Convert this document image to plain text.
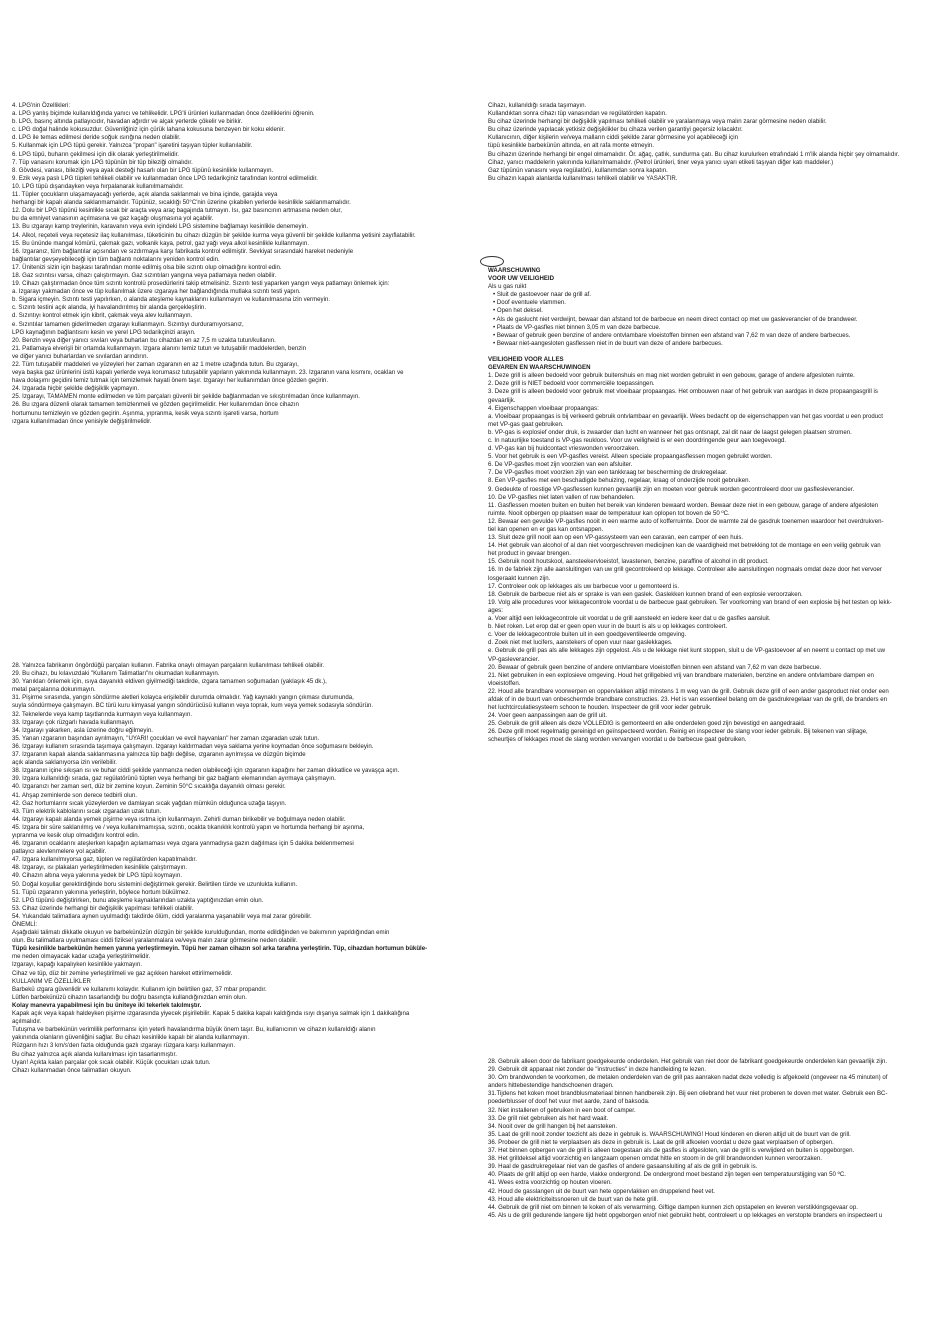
4. LPG'nin Özellikleri:

a. LPG yanlış biçimde kullanıldığında yanıcı ve tehlikelidir. LPG'li ürünleri kullanmadan önce özelliklerini öğrenin.

b. LPG, basınç altında patlayıcıdır, havadan ağırdır ve alçak yerlerde çökelir ve birikir.

c. LPG doğal halinde kokusuzdur. Güvenliğiniz için çürük lahana kokusuna benzeyen bir koku eklenir.

d. LPG ile temas edilmesi deride soğuk ısırığına neden olabilir.

5. Kullanmak için LPG tüpü gerekir. Yalnızca "propan" işaretini taşıyan tüpler kullanılabilir.

6. LPG tüpü, buharın çekilmesi için dik olarak yerleştirilmelidir.

7. Tüp vanasını korumak için LPG tüpünün bir tüp bileziği olmalıdır.

8. Gövdesi, vanası, bileziği veya ayak desteği hasarlı olan bir LPG tüpünü kesinlikle kullanmayın.

9. Ezik veya paslı LPG tüpleri tehlikeli olabilir ve kullanmadan önce LPG tedarikçiniz tarafından kontrol edilmelidir.

10. LPG tüpü dışarıdayken veya hırpalanarak kullanılmamalıdır.

11. Tüpler çocukların ulaşamayacağı yerlerde, açık alanda saklanmalı ve bina içinde, garajda veya

herhangi bir kapalı alanda saklanmamalıdır. Tüpünüz, sıcaklığı 50°C'nin üzerine çıkabilen yerlerde kesinlikle saklanmamalıdır.

12. Dolu bir LPG tüpünü kesinlikle sıcak bir araçta veya araç bagajında tutmayın. Isı, gaz basıncının artmasına neden olur,

bu da emniyet vanasının açılmasına ve gaz kaçağı oluşmasına yol açabilir.

13. Bu ızgarayı kamp treylerinin, karavanın veya evin içindeki LPG sistemine bağlamayı kesinlikle denemeyin.

14. Alkol, reçeteli veya reçetesiz ilaç kullanılması, tüketicinin bu cihazı düzgün bir şekilde kurma veya güvenli bir şekilde kullanma yetisini zayıflatabilir.

15. Bu ününde mangal kömürü, çakmak gazı, volkanik kaya, petrol, gaz yağı veya alkol kesinlikle kullanmayın.

16. Izgaranız, tüm bağlantılar açısından ve sızdırmaya karşı fabrikada kontrol edilmiştir. Sevkiyat sırasındaki hareket nedeniyle

bağlantılar gevşeyebileceği için tüm bağlantı noktalarını yeniden kontrol edin.

17. Ünitenizi sizin için başkası tarafından monte edilmiş olsa bile sızıntı olup olmadığını kontrol edin.

18. Gaz sızıntısı varsa, cihazı çalıştırmayın. Gaz sızıntıları yangına veya patlamaya neden olabilir.

19. Cihazı çalıştırmadan önce tüm sızıntı kontrolü prosedürlerini takip etmelisiniz. Sızıntı testi yaparken yangın veya patlamayı önlemek için:

a. Izgarayı yakmadan önce ve tüp kullanılmak üzere ızgaraya her bağlandığında mutlaka sızıntı testi yapın.

b. Sigara içmeyin. Sızıntı testi yapılırken, o alanda ateşleme kaynaklarını kullanmayın ve kullanılmasına izin vermeyin.

c. Sızıntı testini açık alanda, iyi havalandırılmış bir alanda gerçekleştirin.

d. Sızıntıyı kontrol etmek için kibrit, çakmak veya alev kullanmayın.

e. Sızıntılar tamamen giderilmeden ızgarayı kullanmayın. Sızıntıyı durduramıyorsanız,

LPG kaynağının bağlantısını kesin ve yerel LPG tedarikçinizi arayın.

20. Benzin veya diğer yanıcı sıvıları veya buharları bu cihazdan en az 7,5 m uzakta tutun/kullanın.

21. Patlamaya elverişli bir ortamda kullanmayın. Izgara alanını temiz tutun ve tutuşabilir maddelerden, benzin

ve diğer yanıcı buharlardan ve sıvılardan arındırın.

22. Tüm tutuşabilir maddeleri ve yüzeyleri her zaman ızgaranın en az 1 metre uzağında tutun. Bu ızgarayı,

veya başka gaz ürünlerini üstü kapalı yerlerde veya korumasız tutuşabilir yapıların yakınında kullanmayın. 23. Izgaranın vana kısmını, ocakları ve

hava dolaşımı geçidini temiz tutmak için temizlemek hayati önem taşır. Izgarayı her kullanımdan önce gözden geçirin.

24. Izgarada hiçbir şekilde değişiklik yapmayın.

25. Izgarayı, TAMAMEN monte edilmeden ve tüm parçaları güvenli bir şekilde bağlanmadan ve sıkıştırılmadan önce kullanmayın.

26. Bu ızgara düzenli olarak tamamen temizlenmeli ve gözden geçirilmelidir. Her kullanımdan önce cihazın

hortumunu temizleyin ve gözden geçirin. Aşınma, yıpranma, kesik veya sızıntı işareti varsa, hortum

ızgara kullanılmadan önce yenisiyle değiştirilmelidir.

28. Yalnızca fabrikanın öngördüğü parçaları kullanın. Fabrika onaylı olmayan parçaların kullanılması tehlikeli olabilir.

29. Bu cihazı, bu kılavuzdaki "Kullanım Talimatları"nı okumadan kullanmayın.

30. Yanıkları önlemek için, ısıya dayanıklı eldiven giyilmediği takdirde, ızgara tamamen soğumadan (yaklaşık 45 dk.),

metal parçalarına dokunmayın.

31. Pişirme sırasında, yangın söndürme aletleri kolayca erişilebilir durumda olmalıdır. Yağ kaynaklı yangın çıkması durumunda,

suyla söndürmeye çalışmayın. BC türü kuru kimyasal yangın söndürücüsü kullanın veya toprak, kum veya yemek sodasıyla söndürün.

32. Teknelerde veya kamp taşıtlarında kurmayın veya kullanmayın.

33. Izgarayı çok rüzgarlı havada kullanmayın.

34. Izgarayı yakarken, asla üzerine doğru eğilmeyin.

35. Yanan ızgaranın başından ayrılmayın, "UYARI! çocukları ve evcil hayvanları" her zaman ızgaradan uzak tutun.

36. Izgarayı kullanım sırasında taşımaya çalışmayın. Izgarayı kaldırmadan veya saklama yerine koymadan önce soğumasını bekleyin.

37. Izgaranın kapalı alanda saklanmasına yalnızca tüp bağlı değilse, ızgaranın ayrılmışsa ve düzgün biçimde

açık alanda saklanıyorsa izin verilebilir.

38. Izgaranın içine sıkışan ısı ve buhar ciddi şekilde yanmanıza neden olabileceği için ızgaranın kapağını her zaman dikkatlice ve yavaşça açın.

39. Izgara kullanıldığı sırada, gaz regülatörünü tüpten veya herhangi bir gaz bağlantı elemanından ayırmaya çalışmayın.

40. Izgaranızı her zaman sert, düz bir zemine koyun. Zeminin 50°C sıcaklığa dayanıklı olması gerekir.

41. Ahşap zeminlerde son derece tedbirli olun.

42. Gaz hortumlarını sıcak yüzeylerden ve damlayan sıcak yağdan mümkün olduğunca uzağa taşıyın.

43. Tüm elektrik kablolarını sıcak ızgaradan uzak tutun.

44. Izgarayı kapalı alanda yemek pişirme veya ısıtma için kullanmayın. Zehirli duman birikebilir ve boğulmaya neden olabilir.

45. Izgara bir süre saklanılmış ve / veya kullanılmamışsa, sızıntı, ocakta tıkanıklık kontrolü yapın ve hortumda herhangi bir aşınma,

yıpranma ve kesik olup olmadığını kontrol edin.

46. Izgaranın ocaklarını ateşlerken kapağın açılamaması veya ızgara yanmadıysa gazın dağılması için 5 dakika beklenmemesi

patlayıcı alevlenmelere yol açabilir.

47. Izgara kullanılmıyorsa gaz, tüpten ve regülatörden kapatılmalıdır.

48. Izgarayı, ısı plakaları yerleştirilmeden kesinlikle çalıştırmayın.

49. Cihazın altına veya yakınına yedek bir LPG tüpü koymayın.

50. Doğal koşullar gerektirdiğinde boru sistemini değiştirmek gerekir. Belirtilen türde ve uzunlukta kullanın.

51. Tüpü ızgaranın yakınına yerleştirin, böylece hortum bükülmez.

52. LPG tüpünü değiştirirken, bunu ateşleme kaynaklarından uzakta yaptığınızdan emin olun.

53. Cihaz üzerinde herhangi bir değişiklik yapılması tehlikeli olabilir.

54. Yukarıdaki talimatlara aynen uyulmadığı takdirde ölüm, ciddi yaralanma yaşanabilir veya mal zarar görebilir.

ÖNEMLİ:

Aşağıdaki talimatı dikkatle okuyun ve barbekünüzün düzgün bir şekilde kurulduğundan, monte edildiğinden ve bakımının yapıldığından emin

olun. Bu talimatlara uyulmaması ciddi fiziksel yaralanmalara ve/veya malın zarar görmesine neden olabilir.

Tüpü kesinlikle barbekünün hemen yanına yerleştirmeyin. Tüpü her zaman cihazın sol arka tarafına yerleştirin. Tüp, cihazdan hortumun büküle-

me neden olmayacak kadar uzağa yerleştirilmelidir.

Izgarayı, kapağı kapalıyken kesinlikle yakmayın.

Cihaz ve tüp, düz bir zemine yerleştirilmeli ve gaz açıkken hareket ettirilmemelidir.

KULLANIM VE ÖZELLİKLER

Barbekü ızgara güvenlidir ve kullanımı kolaydır. Kullanım için belirtilen gaz, 37 mbar propandır.

Lütfen barbekünüzü cihazın tasarlandığı bu doğru basınçta kullandığınızdan emin olun.

Kolay manevra yapabilmesi için bu üniteye iki tekerlek takılmıştır.

Kapak açık veya kapalı haldeyken pişirme ızgarasında yiyecek pişirilebilir. Kapak 5 dakika kapalı kaldığında ısıyı dışarıya salmak için 1 dakikalığına

açılmalıdır.

Tutuşma ve barbekünün verimlilik performansı için yeterli havalandırma büyük önem taşır. Bu, kullanıcının ve cihazın kullanıldığı alanın

yakınında olanların güvenliğini sağlar. Bu cihazı kesinlikle kapalı bir alanda kullanmayın.

Rüzgarın hızı 3 km/s'den fazla olduğunda gazlı ızgarayı rüzgara karşı kullanmayın.

Bu cihaz yalnızca açık alanda kullanılması için tasarlanmıştır.

Uyarı! Açıkta kalan parçalar çok sıcak olabilir. Küçük çocukları uzak tutun.

Cihazı kullanmadan önce talimatları okuyun.

Cihazı, kullanıldığı sırada taşımayın.

Kullandıktan sonra cihazı tüp vanasından ve regülatörden kapatın.

Bu cihaz üzerinde herhangi bir değişiklik yapılması tehlikeli olabilir ve yaralanmaya veya malın zarar görmesine neden olabilir.

Bu cihaz üzerinde yapılacak yetkisiz değişiklikler bu cihaza verilen garantiyi geçersiz kılacaktır.

Kullanıcının, diğer kişilerin ve/veya malların ciddi şekilde zarar görmesine yol açabileceği için

tüpü kesinlikle barbekünün altında, en alt rafa monte etmeyin.

Bu cihazın üzerinde herhangi bir engel olmamalıdır. Ör. ağaç, çatlık, sundurma çatı. Bu cihaz kurulurken etrafındaki 1 m'lik alanda hiçbir şey olmamalıdır.

Cihaz, yanıcı maddelerin yakınında kullanılmamalıdır. (Petrol ürünleri, tiner veya yanıcı uyarı etiketi taşıyan diğer katı maddeler.)

Gaz tüpünün vanasını veya regülatörü, kullanımdan sonra kapatın.

Bu cihazın kapalı alanlarda kullanılması tehlikeli olabilir ve YASAKTIR.

WAARSCHUWING

VOOR UW VEILIGHEID

Als u gas ruikt

• Sluit de gastoevoer naar de grill af.

• Doof eventuele vlammen.

• Open het deksel.

• Als de gaslucht niet verdwijnt, bewaar dan afstand tot de barbecue en neem direct contact op met uw gasleverancier of de brandweer.

• Plaats de VP-gasfles niet binnen 3,05 m van deze barbecue.

• Bewaar of gebruik geen benzine of andere ontvlambare vloeistoffen binnen een afstand van 7,62 m van deze of andere barbecues.

• Bewaar niet-aangesloten gasflessen niet in de buurt van deze of andere barbecues.

VEILIGHEID VOOR ALLES

GEVAREN EN WAARSCHUWINGEN

1. Deze grill is alleen bedoeld voor gebruik buitenshuis en mag niet worden gebruikt in een gebouw, garage of andere afgesloten ruimte.

2. Deze grill is NIET bedoeld voor commerciële toepassingen.

3. Deze grill is alleen bedoeld voor gebruik met vloeibaar propaangas. Het ombouwen naar of het gebruik van aardgas in deze propaangasgrill is

gevaarlijk.

4. Eigenschappen vloeibaar propaangas:

a. Vloeibaar propaangas is bij verkeerd gebruik ontvlambaar en gevaarlijk. Wees bedacht op de eigenschappen van het gas voordat u een product

met VP-gas gaat gebruiken.

b. VP-gas is explosief onder druk, is zwaarder dan lucht en wanneer het gas ontsnapt, zal dit naar de laagst gelegen plaatsen stromen.

c. In natuurlijke toestand is VP-gas reukloos. Voor uw veiligheid is er een doordringende geur aan toegevoegd.

d. VP-gas kan bij huidcontact vrieswonden veroorzaken.

5. Voor het gebruik is een VP-gasfles vereist. Alleen speciale propaangasflessen mogen gebruikt worden.

6. De VP-gasfles moet zijn voorzien van een afsluiter.

7. De VP-gasfles moet voorzien zijn van een tankkraag ter bescherming de drukregelaar.

8. Een VP-gasfles met een beschadigde behuizing, regelaar, kraag of onderzijde nooit gebruiken.

9. Gedeukte of roestige VP-gasflessen kunnen gevaarlijk zijn en moeten voor gebruik worden gecontroleerd door uw gasflesleverancier.

10. De VP-gasfles niet laten vallen of ruw behandelen.

11. Gasflessen moeten buiten en buiten het bereik van kinderen bewaard worden. Bewaar deze niet in een gebouw, garage of andere afgesloten

ruimte. Nooit opbergen op plaatsen waar de temperatuur kan oplopen tot boven de 50 ºC.

12. Bewaar een gevulde VP-gasfles nooit in een warme auto of kofferruimte. Door de warmte zal de gasdruk toenemen waardoor het overdrukven-

tiel kan openen en er gas kan ontsnappen.

13. Sluit deze grill nooit aan op een VP-gassysteem van een caravan, een camper of een huis.

14. Het gebruik van alcohol of al dan niet voorgeschreven medicijnen kan de vaardigheid met betrekking tot de montage en een veilig gebruik van

het product in gevaar brengen.

15. Gebruik nooit houtskool, aansteekervloeistof, lavastenen, benzine, paraffine of alcohol in dit product.

16. In de fabriek zijn alle aansluitingen van uw grill gecontroleerd op lekkage. Controleer alle aansluitingen nogmaals omdat deze door het vervoer

losgeraakt kunnen zijn.

17. Controleer ook op lekkages als uw barbecue voor u gemonteerd is.

18. Gebruik de barbecue niet als er sprake is van een gaslek. Gaslekken kunnen brand of een explosie veroorzaken.

19. Volg alle procedures voor lekkagecontrole voordat u de barbecue gaat gebruiken. Ter voorkoming van brand of een explosie bij het testen op lekk-

ages:

a. Voer altijd een lekkagecontrole uit voordat u de grill aansteekt en iedere keer dat u de gasfles aansluit.

b. Niet roken. Let erop dat er geen open vuur in de buurt is als u op lekkages controleert.

c. Voer de lekkagecontrole buiten uit in een goedgeventileerde omgeving.

d. Zoek niet met lucifers, aanstekers of open vuur naar gaslekkages.

e. Gebruik de grill pas als alle lekkages zijn opgelost. Als u de lekkage niet kunt stoppen, sluit u de VP-gastoevoer af en neemt u contact op met uw

VP-gasleverancier.

20. Bewaar of gebruik geen benzine of andere ontvlambare vloeistoffen binnen een afstand van 7,62 m van deze barbecue.

21. Niet gebruiken in een explosieve omgeving. Houd het grillgebied vrij van brandbare materialen, benzine en andere ontvlambare dampen en

vloeistoffen.

22. Houd alle brandbare voorwerpen en oppervlakken altijd minstens 1 m weg van de grill. Gebruik deze grill of een ander gasproduct niet onder een

afdak of in de buurt van onbeschermde brandbare constructies. 23. Het is van essentieel belang om de gasdrukregelaar van de grill, de branders en

het luchtcirculatiesysteem schoon te houden. Inspecteer de grill voor ieder gebruik.

24. Voer geen aanpassingen aan de grill uit.

25. Gebruik de grill alleen als deze VOLLEDIG is gemonteerd en alle onderdelen goed zijn bevestigd en aangedraaid.

26. Deze grill moet regelmatig gereinigd en geïnspecteerd worden. Reinig en inspecteer de slang voor ieder gebruik. Bij tekenen van slijtage,

scheurtjes of lekkages moet de slang worden vervangen voordat u de barbecue gaat gebruiken.

28. Gebruik alleen door de fabrikant goedgekeurde onderdelen. Het gebruik van niet door de fabrikant goedgekeurde onderdelen kan gevaarlijk zijn.

29. Gebruik dit apparaat niet zonder de "instructies" in deze handleiding te lezen.

30. Om brandwonden te voorkomen, de metalen onderdelen van de grill pas aanraken nadat deze volledig is afgekoeld (ongeveer na 45 minuten) of

anders hittebestendige handschoenen dragen.

31.Tijdens het koken moet brandblusmateriaal binnen handbereik zijn. Bij een oliebrand het vuur niet proberen te doven met water. Gebruik een BC-

poederblusser of doof het vuur met aarde, zand of baksoda.

32. Niet installeren of gebruiken in een boot of camper.

33. De grill niet gebruiken als het hard waait.

34. Nooit over de grill hangen bij het aansteken.

35. Laat de grill nooit zonder toezicht als deze in gebruik is. WAARSCHUWING! Houd kinderen en dieren altijd uit de buurt van de grill.

36. Probeer de grill niet te verplaatsen als deze in gebruik is. Laat de grill afkoelen voordat u deze gaat verplaatsen of opbergen.

37. Het binnen opbergen van de grill is alleen toegestaan als de gasfles is afgesloten, van de grill is verwijderd en buiten is opgeborgen.

38. Het grilldeksel altijd voorzichtig en langzaam openen omdat hitte en stoom in de grill brandwonden kunnen veroorzaken.

39. Haal de gasdrukregelaar niet van de gasfles of andere gasaansluiting af als de grill in gebruik is.

40. Plaats de grill altijd op een harde, vlakke ondergrond. De ondergrond moet bestand zijn tegen een temperatuurstijging van 50 ºC.

41. Wees extra voorzichtig op houten vloeren.

42. Houd de gasslangen uit de buurt van hete oppervlakken en druppelend heet vet.

43. Houd alle elektriciteitssnoeren uit de buurt van de hete grill.

44. Gebruik de grill niet om binnen te koken of als verwarming. Giftige dampen kunnen zich opstapelen en leveren verstikkingsgevaar op.

45. Als u de grill gedurende langere tijd hebt opgeborgen en/of niet gebruikt hebt, controleert u op lekkages en verstopte branders en inspecteert u
